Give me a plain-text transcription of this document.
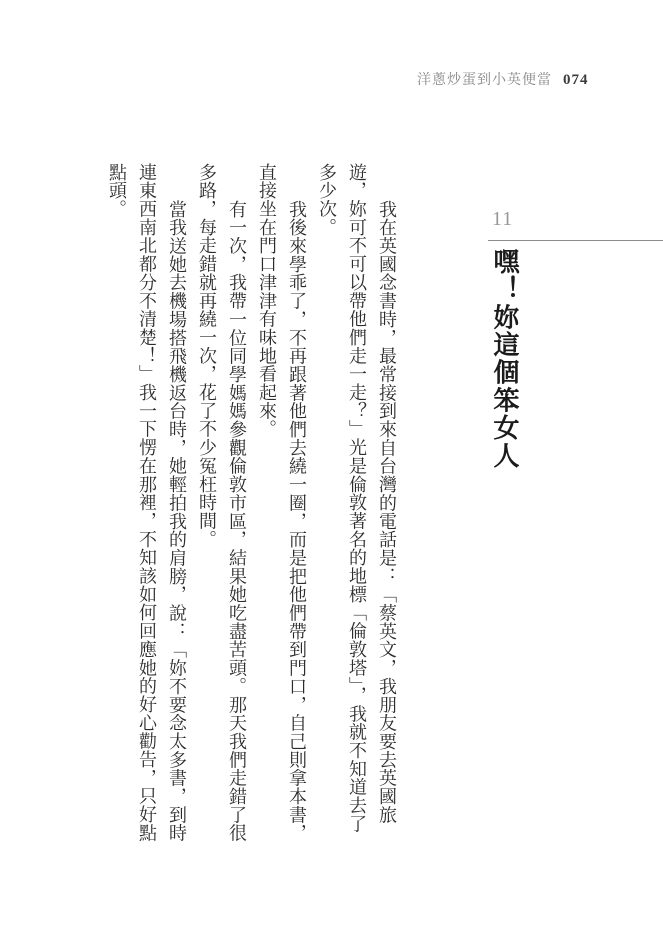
洋蔥炒蛋到小英便當 074
11
嘿！妳這個笨女人
我在英國念書時，最常接到來自台灣的電話是：「蔡英文，我朋友要去英國旅
遊，妳可不可以帶他們走一走？」光是倫敦著名的地標「倫敦塔」，我就不知道去了
多少次。
我後來學乖了，不再跟著他們去繞一圈，而是把他們帶到門口，自己則拿本書，
直接坐在門口津津有味地看起來。
有一次，我帶一位同學媽媽參觀倫敦市區，結果她吃盡苦頭。那天我們走錯了很
多路，每走錯就再繞一次，花了不少冤枉時間。
當我送她去機場搭飛機返台時，她輕拍我的肩膀，說：「妳不要念太多書，到時
連東西南北都分不清楚！」我一下愣在那裡，不知該如何回應她的好心勸告，只好點
點頭。
